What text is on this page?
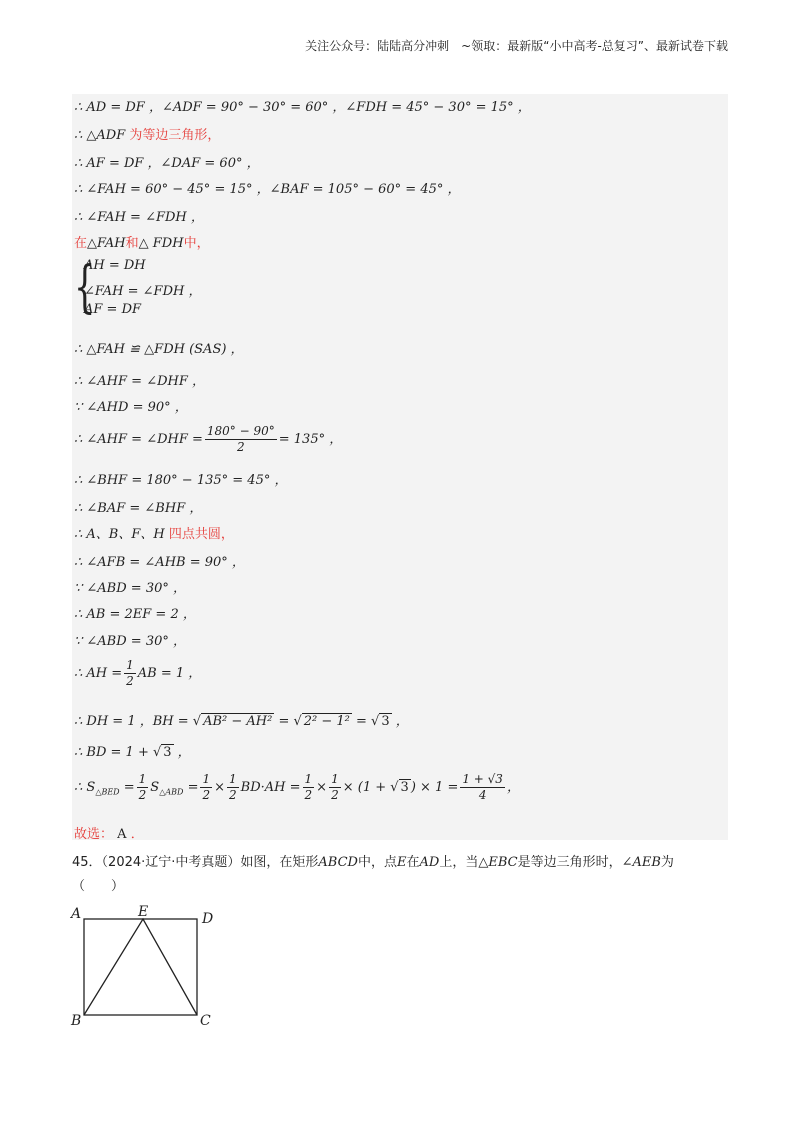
关注公众号：陆陆高分冲刺　~领取：最新版“小中高考-总复习”、最新试卷下载
∴ AD = DF ，∠ADF = 90° − 30° = 60° ，∠FDH = 45° − 30° = 15° ，
∴ △ADF 为等边三角形，
∴ AF = DF ，∠DAF = 60° ，
∴ ∠FAH = 60° − 45° = 15° ，∠BAF = 105° − 60° = 45° ，
∴ ∠FAH = ∠FDH ，
在△FAH和△ FDH中，
{
AH = DH
∠FAH = ∠FDH ，
AF = DF
∴ △FAH ≌ △FDH (SAS) ，
∴ ∠AHF = ∠DHF ，
∵ ∠AHD = 90° ，
∴ ∠AHF = ∠DHF = $\frac{180^\circ - 90^\circ}{2} = 135^\circ$ ，
∴ ∠BHF = 180° − 135° = 45° ，
∴ ∠BAF = ∠BHF ，
∴ A、B、F、H 四点共圆，
∴ ∠AFB = ∠AHB = 90° ，
∵ ∠ABD = 30° ，
∴ AB = 2EF = 2 ，
∵ ∠ABD = 30° ，
∴ AH = $\frac{1}{2}$ AB = 1 ，
∴ DH = 1 ，BH = √ AB² − AH² = √ 2² − 1² = √ 3 ，
∴ BD = 1 + √ 3 ，
∴ $S_{\triangle BED} = \frac{1}{2} S_{\triangle ABD} = \frac{1}{2} \times \frac{1}{2} BD\cdot AH = \frac{1}{2} \times \frac{1}{2} \times (1$ + √ 3 ) × $1 = \frac{1 + √3}{4}$ ，
故选： A ．
45．（2024·辽宁·中考真题）如图，在矩形ABCD中，点E在AD上，当△EBC是等边三角形时，∠AEB为
（　　）
A	E	D
B	C
